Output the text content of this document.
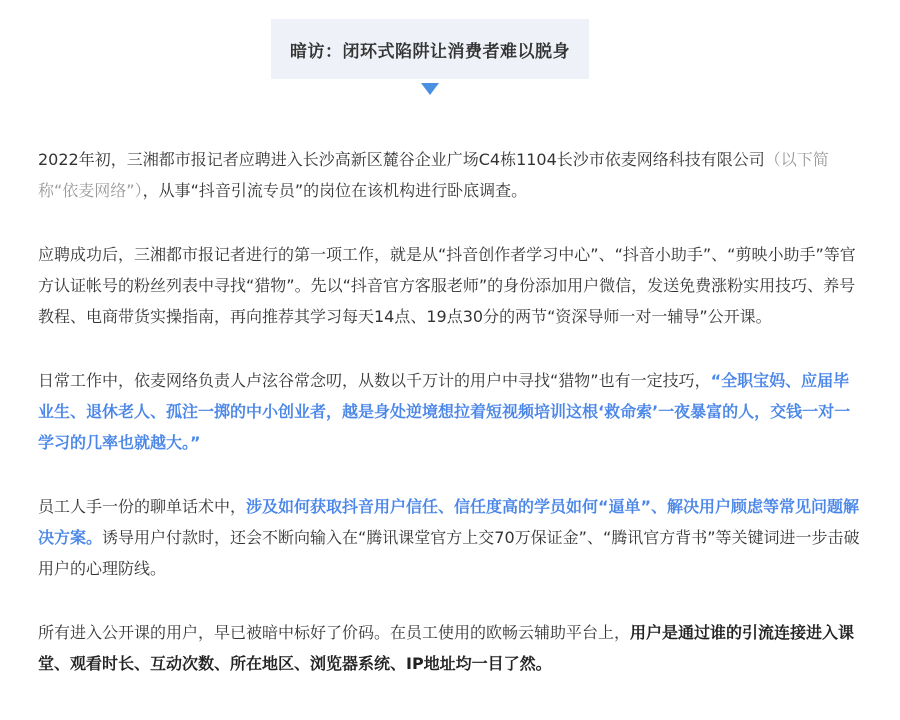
暗访：闭环式陷阱让消费者难以脱身

2022年初，三湘都市报记者应聘进入长沙高新区麓谷企业广场C4栋1104长沙市依麦网络科技有限公司（以下简称“依麦网络”），从事“抖音引流专员”的岗位在该机构进行卧底调查。

应聘成功后，三湘都市报记者进行的第一项工作，就是从“抖音创作者学习中心”、“抖音小助手”、“剪映小助手”等官方认证帐号的粉丝列表中寻找“猎物”。先以“抖音官方客服老师”的身份添加用户微信，发送免费涨粉实用技巧、养号教程、电商带货实操指南，再向推荐其学习每天14点、19点30分的两节“资深导师一对一辅导”公开课。

日常工作中，依麦网络负责人卢泫谷常念叨，从数以千万计的用户中寻找“猎物”也有一定技巧，“全职宝妈、应届毕业生、退休老人、孤注一掷的中小创业者，越是身处逆境想拉着短视频培训这根‘救命索’一夜暴富的人，交钱一对一学习的几率也就越大。”

员工人手一份的聊单话术中，涉及如何获取抖音用户信任、信任度高的学员如何“逼单”、解决用户顾虑等常见问题解决方案。诱导用户付款时，还会不断向输入在“腾讯课堂官方上交70万保证金”、“腾讯官方背书”等关键词进一步击破用户的心理防线。

所有进入公开课的用户，早已被暗中标好了价码。在员工使用的欧畅云辅助平台上，用户是通过谁的引流连接进入课堂、观看时长、互动次数、所在地区、浏览器系统、IP地址均一目了然。
